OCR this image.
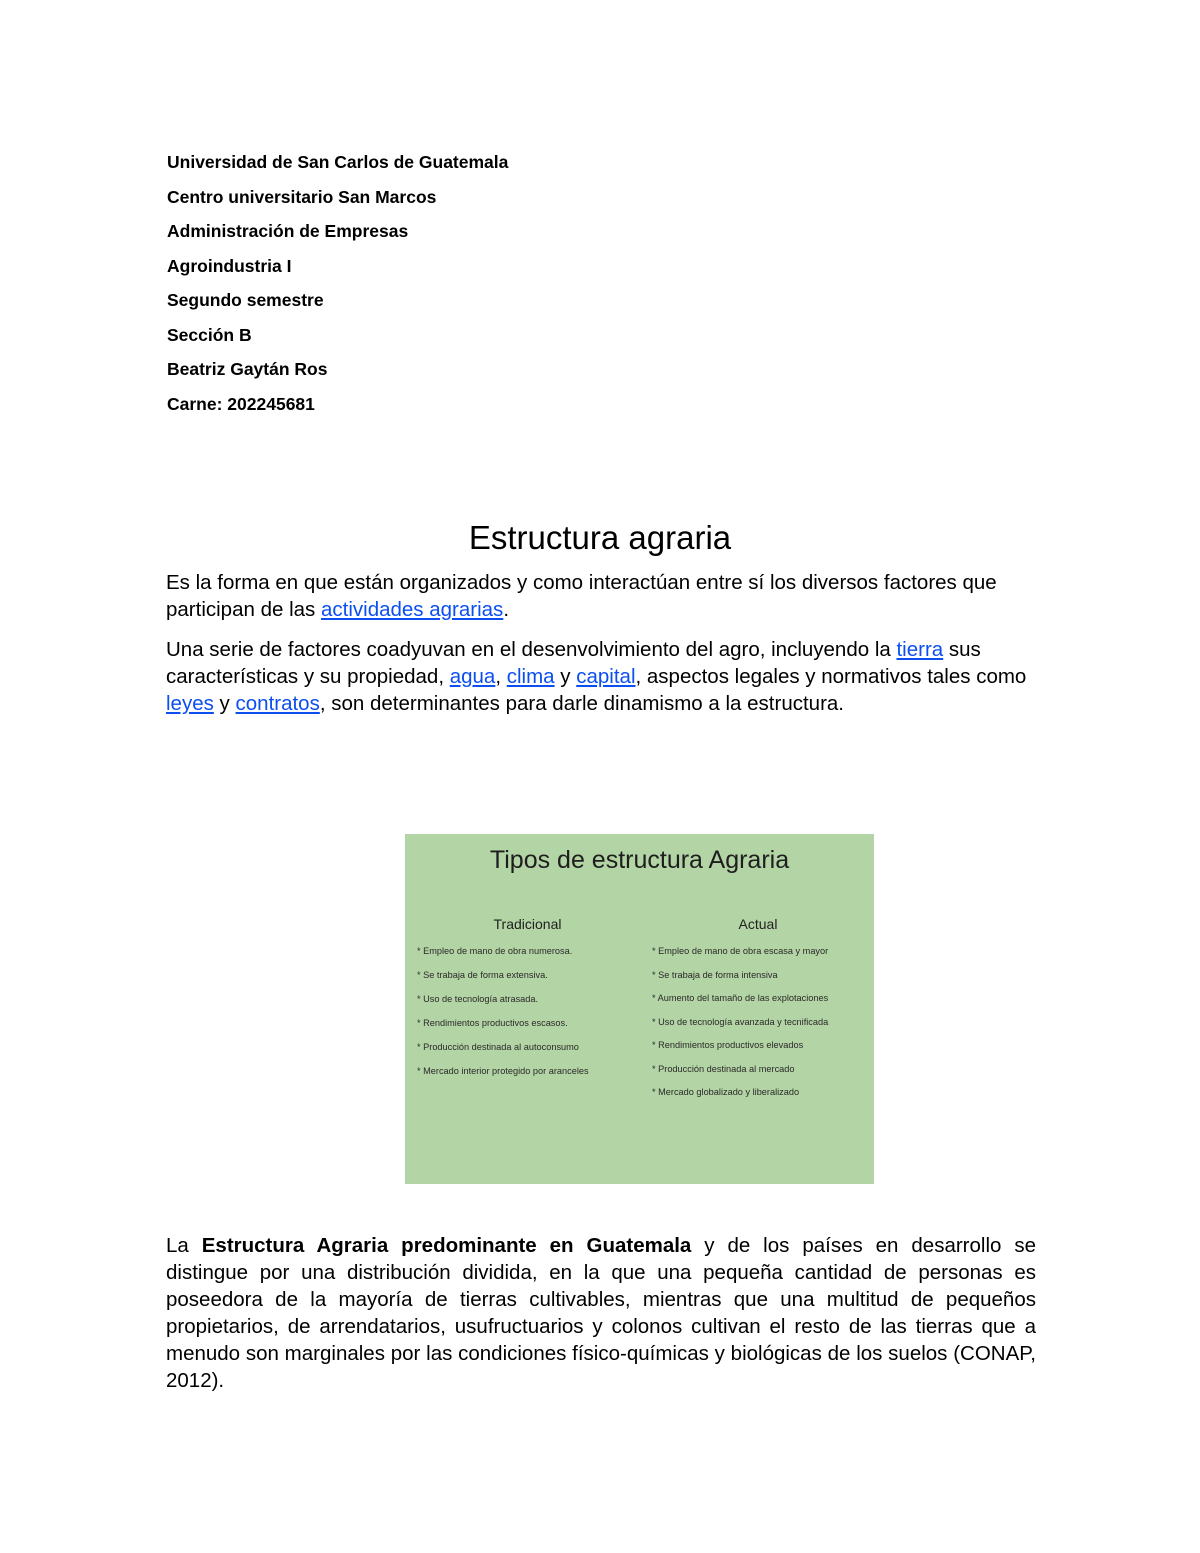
Universidad de San Carlos de Guatemala

Centro universitario San Marcos

Administración de Empresas

Agroindustria I

Segundo semestre

Sección B

Beatriz Gaytán Ros

Carne: 202245681

Estructura agraria

Es la forma en que están organizados y como interactúan entre sí los diversos factores que participan de las actividades agrarias.

Una serie de factores coadyuvan en el desenvolvimiento del agro, incluyendo la tierra sus características y su propiedad, agua, clima y capital, aspectos legales y normativos tales como leyes y contratos, son determinantes para darle dinamismo a la estructura.

Tipos de estructura Agraria

Tradicional

* Empleo de mano de obra numerosa.

* Se trabaja de forma extensiva.

* Uso de tecnología atrasada.

* Rendimientos productivos escasos.

* Producción destinada al autoconsumo

* Mercado interior protegido por aranceles

Actual

* Empleo de mano de obra escasa y mayor

* Se trabaja de forma intensiva

* Aumento del tamaño de las explotaciones

* Uso de tecnología avanzada y tecnificada

* Rendimientos productivos elevados

* Producción destinada al mercado

* Mercado globalizado y liberalizado

La Estructura Agraria predominante en Guatemala y de los países en desarrollo se distingue por una distribución dividida, en la que una pequeña cantidad de personas es poseedora de la mayoría de tierras cultivables, mientras que una multitud de pequeños propietarios, de arrendatarios, usufructuarios y colonos cultivan el resto de las tierras que a menudo son marginales por las condiciones físico-químicas y biológicas de los suelos (CONAP, 2012).
